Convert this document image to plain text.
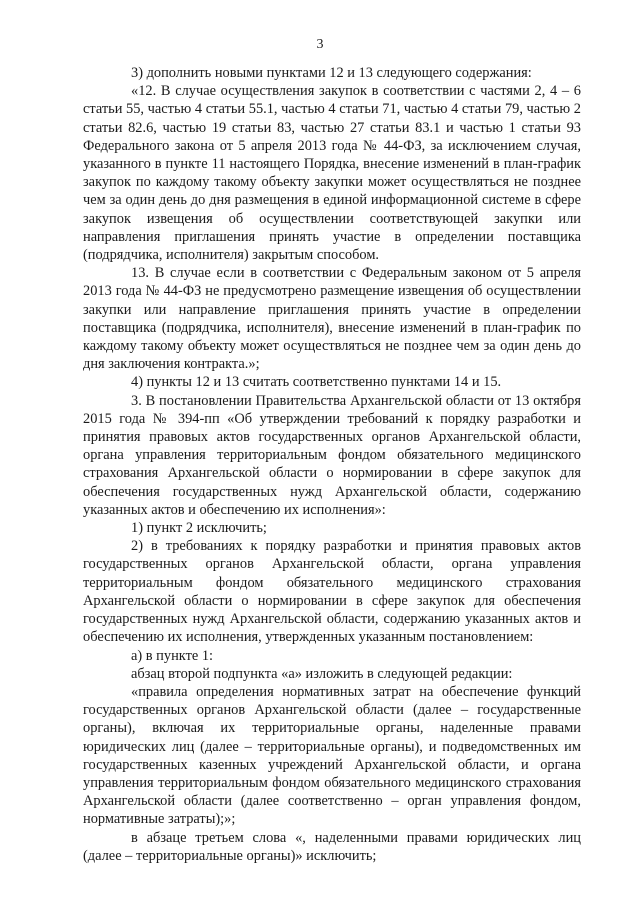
3

3) дополнить новыми пунктами 12 и 13 следующего содержания:

«12. В случае осуществления закупок в соответствии с частями 2, 4 – 6 статьи 55, частью 4 статьи 55.1, частью 4 статьи 71, частью 4 статьи 79, частью 2 статьи 82.6, частью 19 статьи 83, частью 27 статьи 83.1 и частью 1 статьи 93 Федерального закона от 5 апреля 2013 года № 44-ФЗ, за исключением случая, указанного в пункте 11 настоящего Порядка, внесение изменений в план-график закупок по каждому такому объекту закупки может осуществляться не позднее чем за один день до дня размещения в единой информационной системе в сфере закупок извещения об осуществлении соответствующей закупки или направления приглашения принять участие в определении поставщика (подрядчика, исполнителя) закрытым способом.

13. В случае если в соответствии с Федеральным законом от 5 апреля 2013 года № 44-ФЗ не предусмотрено размещение извещения об осуществлении закупки или направление приглашения принять участие в определении поставщика (подрядчика, исполнителя), внесение изменений в план-график по каждому такому объекту может осуществляться не позднее чем за один день до дня заключения контракта.»;

4) пункты 12 и 13 считать соответственно пунктами 14 и 15.

3. В постановлении Правительства Архангельской области от 13 октября 2015 года № 394-пп «Об утверждении требований к порядку разработки и принятия правовых актов государственных органов Архангельской области, органа управления территориальным фондом обязательного медицинского страхования Архангельской области о нормировании в сфере закупок для обеспечения государственных нужд Архангельской области, содержанию указанных актов и обеспечению их исполнения»:

1) пункт 2 исключить;

2) в требованиях к порядку разработки и принятия правовых актов государственных органов Архангельской области, органа управления территориальным фондом обязательного медицинского страхования Архангельской области о нормировании в сфере закупок для обеспечения государственных нужд Архангельской области, содержанию указанных актов и обеспечению их исполнения, утвержденных указанным постановлением:

а) в пункте 1:

абзац второй подпункта «а» изложить в следующей редакции:

«правила определения нормативных затрат на обеспечение функций государственных органов Архангельской области (далее – государственные органы), включая их территориальные органы, наделенные правами юридических лиц (далее – территориальные органы), и подведомственных им государственных казенных учреждений Архангельской области, и органа управления территориальным фондом обязательного медицинского страхования Архангельской области (далее соответственно – орган управления фондом, нормативные затраты);»;

в абзаце третьем слова «, наделенными правами юридических лиц (далее – территориальные органы)» исключить;
